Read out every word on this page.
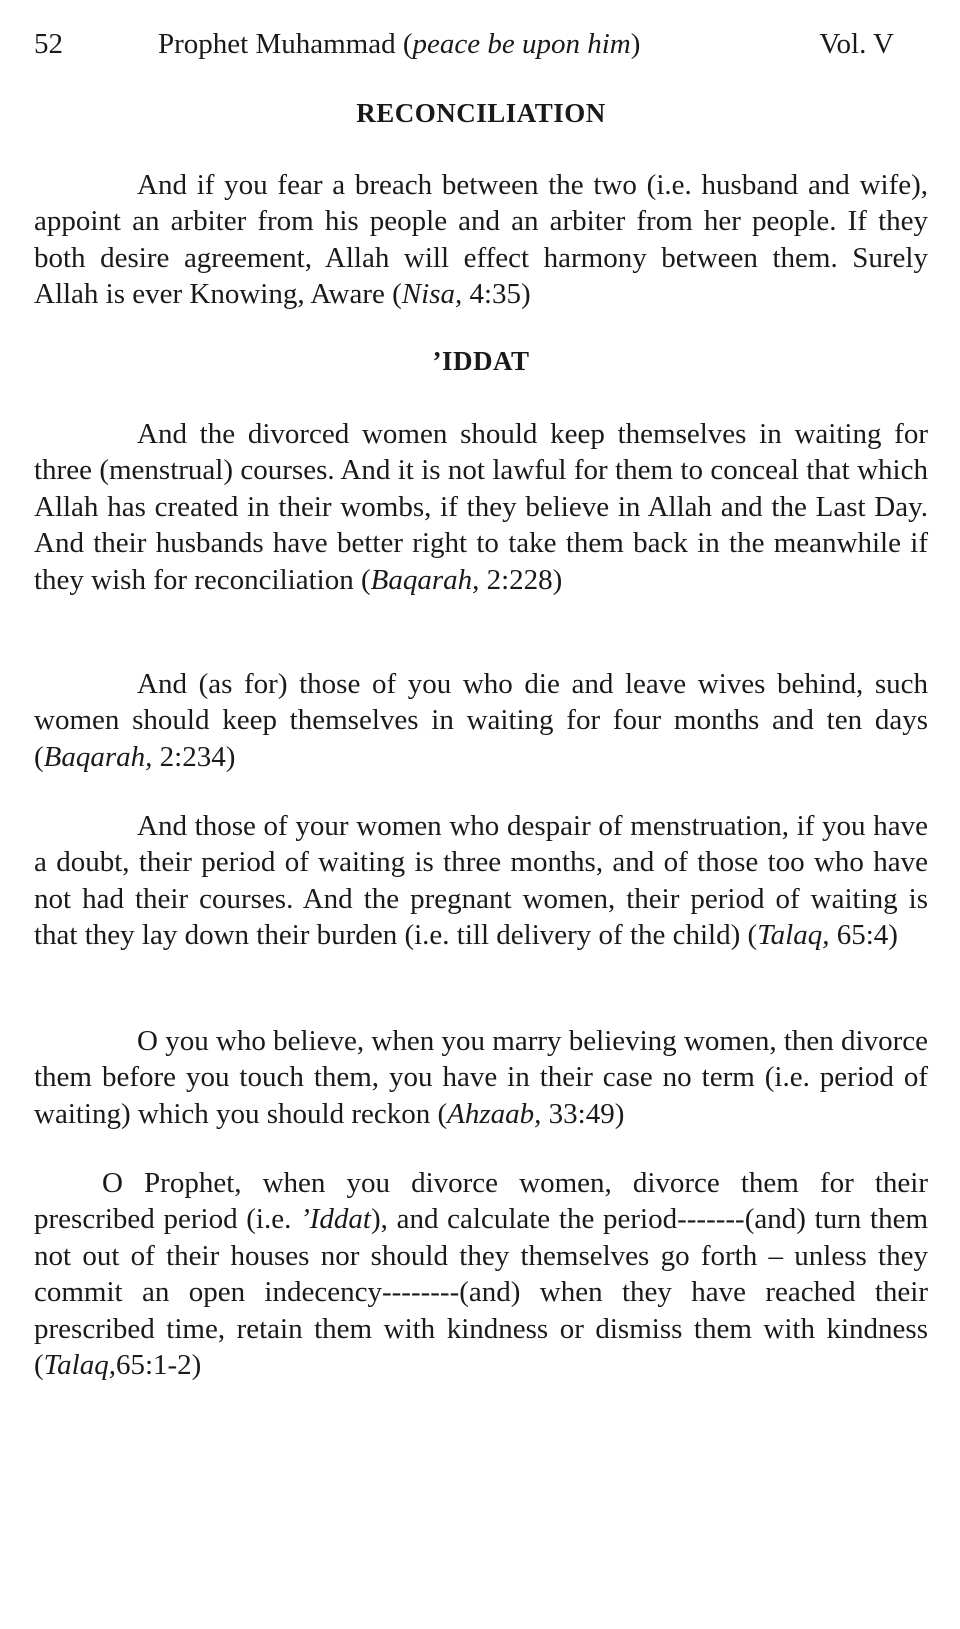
52	Prophet Muhammad (peace be upon him)	Vol. V
RECONCILIATION

And if you fear a breach between the two (i.e. husband and wife), appoint an arbiter from his people and an arbiter from her people. If they both desire agreement, Allah will effect harmony between them. Surely Allah is ever Knowing, Aware (Nisa, 4:35)

’IDDAT

And the divorced women should keep themselves in waiting for three (menstrual) courses. And it is not lawful for them to conceal that which Allah has created in their wombs, if they believe in Allah and the Last Day. And their husbands have better right to take them back in the meanwhile if they wish for reconciliation (Baqarah, 2:228)

And (as for) those of you who die and leave wives behind, such women should keep themselves in waiting for four months and ten days (Baqarah, 2:234)

And those of your women who despair of menstruation, if you have a doubt, their period of waiting is three months, and of those too who have not had their courses. And the pregnant women, their period of waiting is that they lay down their burden (i.e. till delivery of the child) (Talaq, 65:4)

O you who believe, when you marry believing women, then divorce them before you touch them, you have in their case no term (i.e. period of waiting) which you should reckon (Ahzaab, 33:49)

O Prophet, when you divorce women, divorce them for their prescribed period (i.e. ’Iddat), and calculate the period-------(and) turn them not out of their houses nor should they themselves go forth – unless they commit an open indecency--------(and) when they have reached their prescribed time, retain them with kindness or dismiss them with kindness (Talaq,65:1-2)
